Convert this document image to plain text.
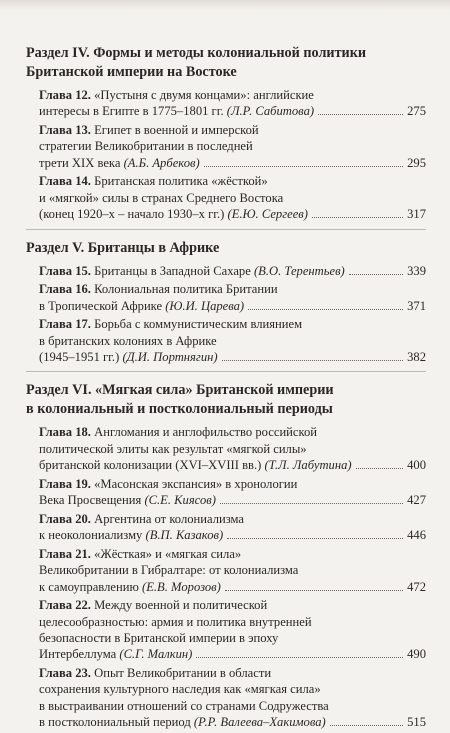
Раздел IV. Формы и методы колониальной политики
Британской империи на Востоке
Глава 12. «Пустыня с двумя концами»: английские
интересы в Египте в 1775–1801 гг. (Л.Р. Сабитова)	275
Глава 13. Египет в военной и имперской
стратегии Великобритании в последней
трети XIX века (А.Б. Арбеков)	295
Глава 14. Британская политика «жёсткой»
и «мягкой» силы в странах Среднего Востока
(конец 1920–х – начало 1930–х гг.) (Е.Ю. Сергеев)	317
Раздел V. Британцы в Африке
Глава 15. Британцы в Западной Сахаре (В.О. Терентьев)	339
Глава 16. Колониальная политика Британии
в Тропической Африке (Ю.И. Царева)	371
Глава 17. Борьба с коммунистическим влиянием
в британских колониях в Африке
(1945–1951 гг.) (Д.И. Портнягин)	382
Раздел VI. «Мягкая сила» Британской империи
в колониальный и постколониальный периоды
Глава 18. Англомания и англофильство российской
политической элиты как результат «мягкой силы»
британской колонизации (XVI–XVIII вв.) (Т.Л. Лабутина)	400
Глава 19. «Масонская экспансия» в хронологии
Века Просвещения (С.Е. Киясов)	427
Глава 20. Аргентина от колониализма
к неоколониализму (В.П. Казаков)	446
Глава 21. «Жёсткая» и «мягкая сила»
Великобритании в Гибралтаре: от колониализма
к самоуправлению (Е.В. Морозов)	472
Глава 22. Между военной и политической
целесообразностью: армия и политика внутренней
безопасности в Британской империи в эпоху
Интербеллума (С.Г. Малкин)	490
Глава 23. Опыт Великобритании в области
сохранения культурного наследия как «мягкая сила»
в выстраивании отношений со странами Содружества
в постколониальный период (Р.Р. Валеева–Хакимова)	515
